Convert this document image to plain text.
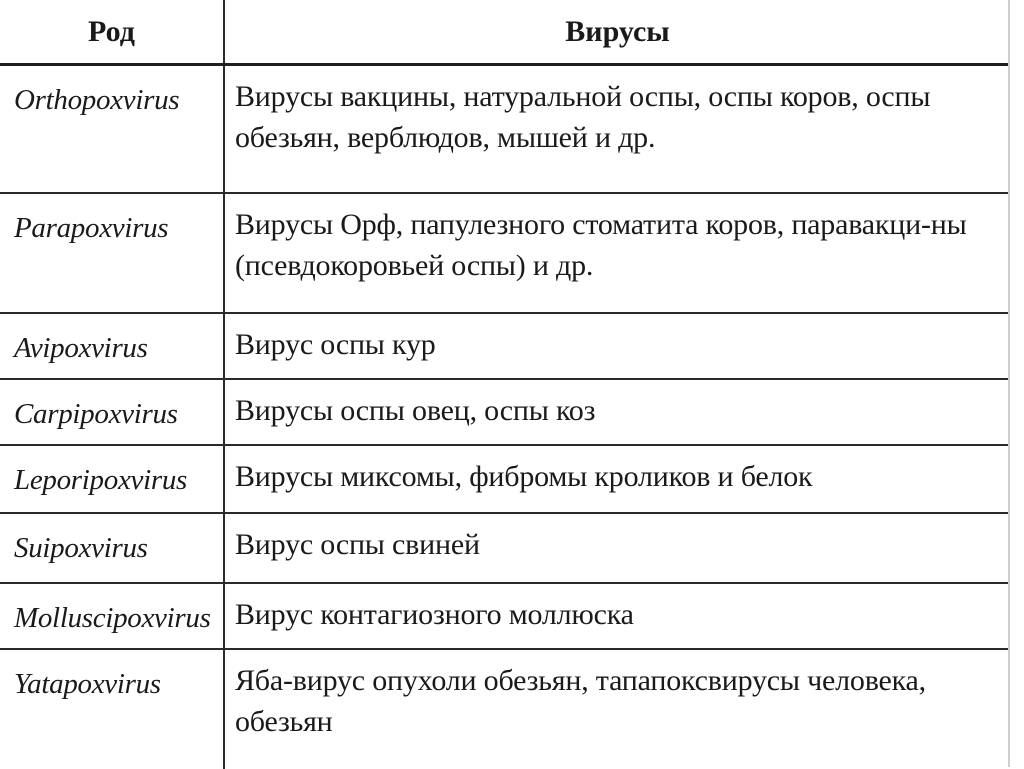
Род	Вирусы
Orthopoxvirus	Вирусы вакцины, натуральной оспы, оспы коров, оспы обезьян, верблюдов, мышей и др.
Parapoxvirus	Вирусы Орф, папулезного стоматита коров, паравакци-ны (псевдокоровьей оспы) и др.
Avipoxvirus	Вирус оспы кур
Carpipoxvirus	Вирусы оспы овец, оспы коз
Leporipoxvirus	Вирусы миксомы, фибромы кроликов и белок
Suipoxvirus	Вирус оспы свиней
Molluscipoxvirus	Вирус контагиозного моллюска
Yatapoxvirus	Яба-вирус опухоли обезьян, тапапоксвирусы человека, обезьян
